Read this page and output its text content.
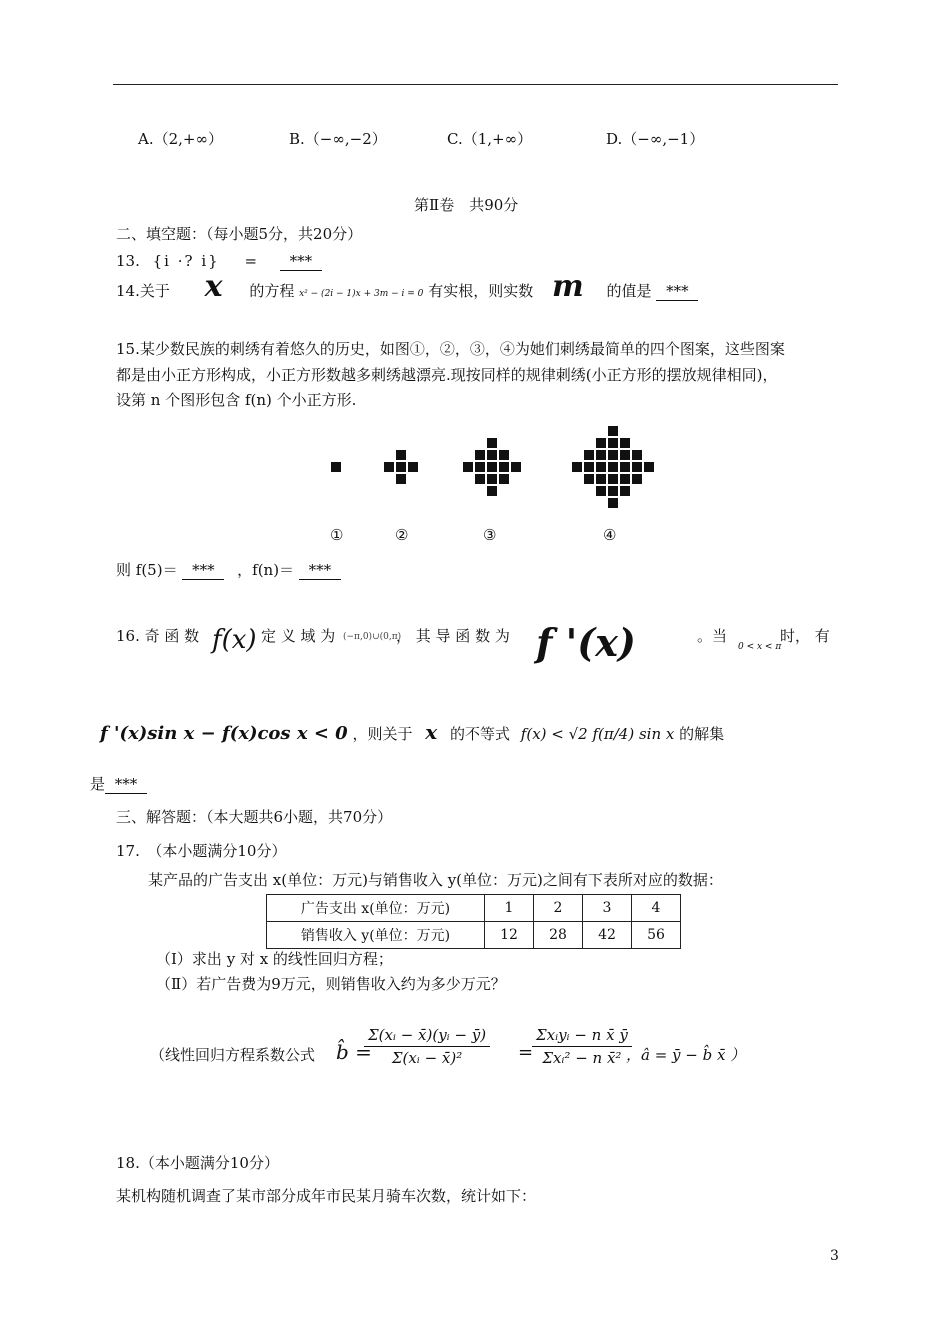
A.（2,+∞）	B.（−∞,−2）	C.（1,+∞）	D.（−∞,−1）
第Ⅱ卷　共90分
二、填空题：（每小题5分，共20分）
13. {i ·? i} = ***
14.关于 x 的方程 x² − (2i − 1)x + 3m − i = 0 有实根，则实数 m 的值是 ***
15.某少数民族的刺绣有着悠久的历史，如图①，②，③，④为她们刺绣最简单的四个图案，这些图案
都是由小正方形构成，小正方形数越多刺绣越漂亮.现按同样的规律刺绣(小正方形的摆放规律相同)，
设第 n 个图形包含 f(n) 个小正方形.
①	②	③	④
则 f(5)＝ *** ，f(n)＝ ***
16. 奇 函 数 f(x) 定 义 域 为 (−π,0)∪(0,π)
， 其 导 函 数 为 f '(x)	。当
0 < x < π
时， 有
f '(x)sin x − f(x)cos x < 0 ，则关于 x 的不等式 f(x) < √2 f(π/4) sin x 的解集
是 ***
三、解答题：（本大题共6小题，共70分）
17.　（本小题满分10分）
某产品的广告支出 x(单位：万元)与销售收入 y(单位：万元)之间有下表所对应的数据：
广告支出 x(单位：万元)	1	2	3	4
销售收入 y(单位：万元)	12	28	42	56
（Ⅰ）求出 y 对 x 的线性回归方程；
（Ⅱ）若广告费为9万元，则销售收入约为多少万元？
（线性回归方程系数公式 b̂ =
$\frac{\text{Σ(xᵢ − x̄)(yᵢ − ȳ)}}{\text{Σ(xᵢ − x̄)²}}$ =
$\frac{\text{Σxᵢyᵢ − n x̄ ȳ}}{\text{Σxᵢ² − n x̄²}}$
，â = ȳ − b̂ x̄ ）
18.（本小题满分10分）
某机构随机调查了某市部分成年市民某月骑车次数，统计如下：
3
